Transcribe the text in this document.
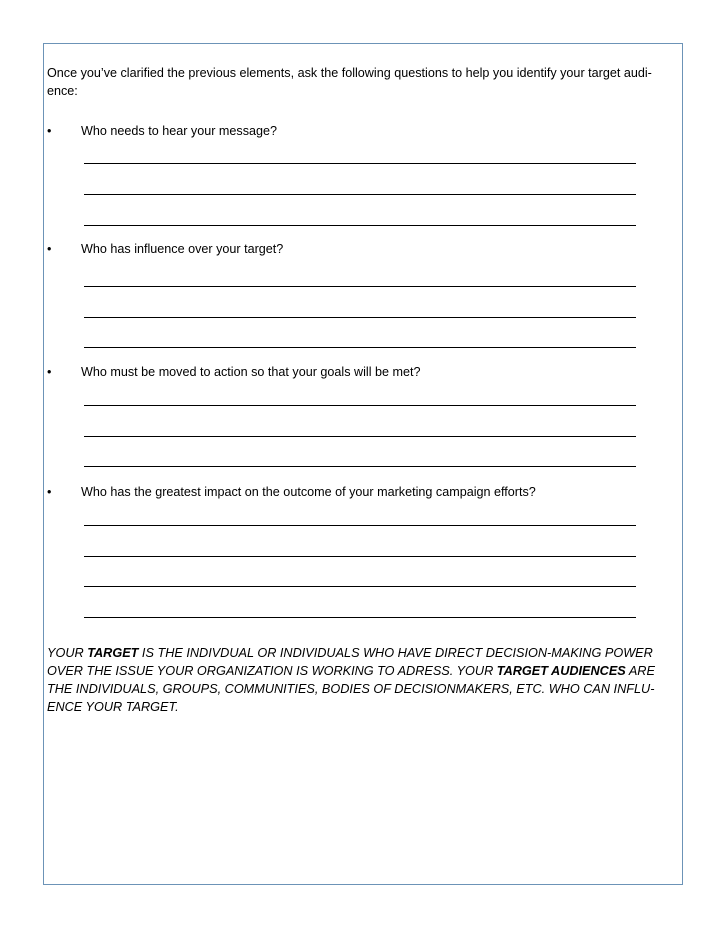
Once you’ve clarified the previous elements, ask the following questions to help you identify your target audi-ence:

• Who needs to hear your message?
• Who has influence over your target?
• Who must be moved to action so that your goals will be met?
• Who has the greatest impact on the outcome of your marketing campaign efforts?

YOUR TARGET IS THE INDIVDUAL OR INDIVIDUALS WHO HAVE DIRECT DECISION-MAKING POWER OVER THE ISSUE YOUR ORGANIZATION IS WORKING TO ADRESS. YOUR TARGET AUDIENCES ARE THE INDIVIDUALS, GROUPS, COMMUNITIES, BODIES OF DECISIONMAKERS, ETC. WHO CAN INFLU-ENCE YOUR TARGET.
